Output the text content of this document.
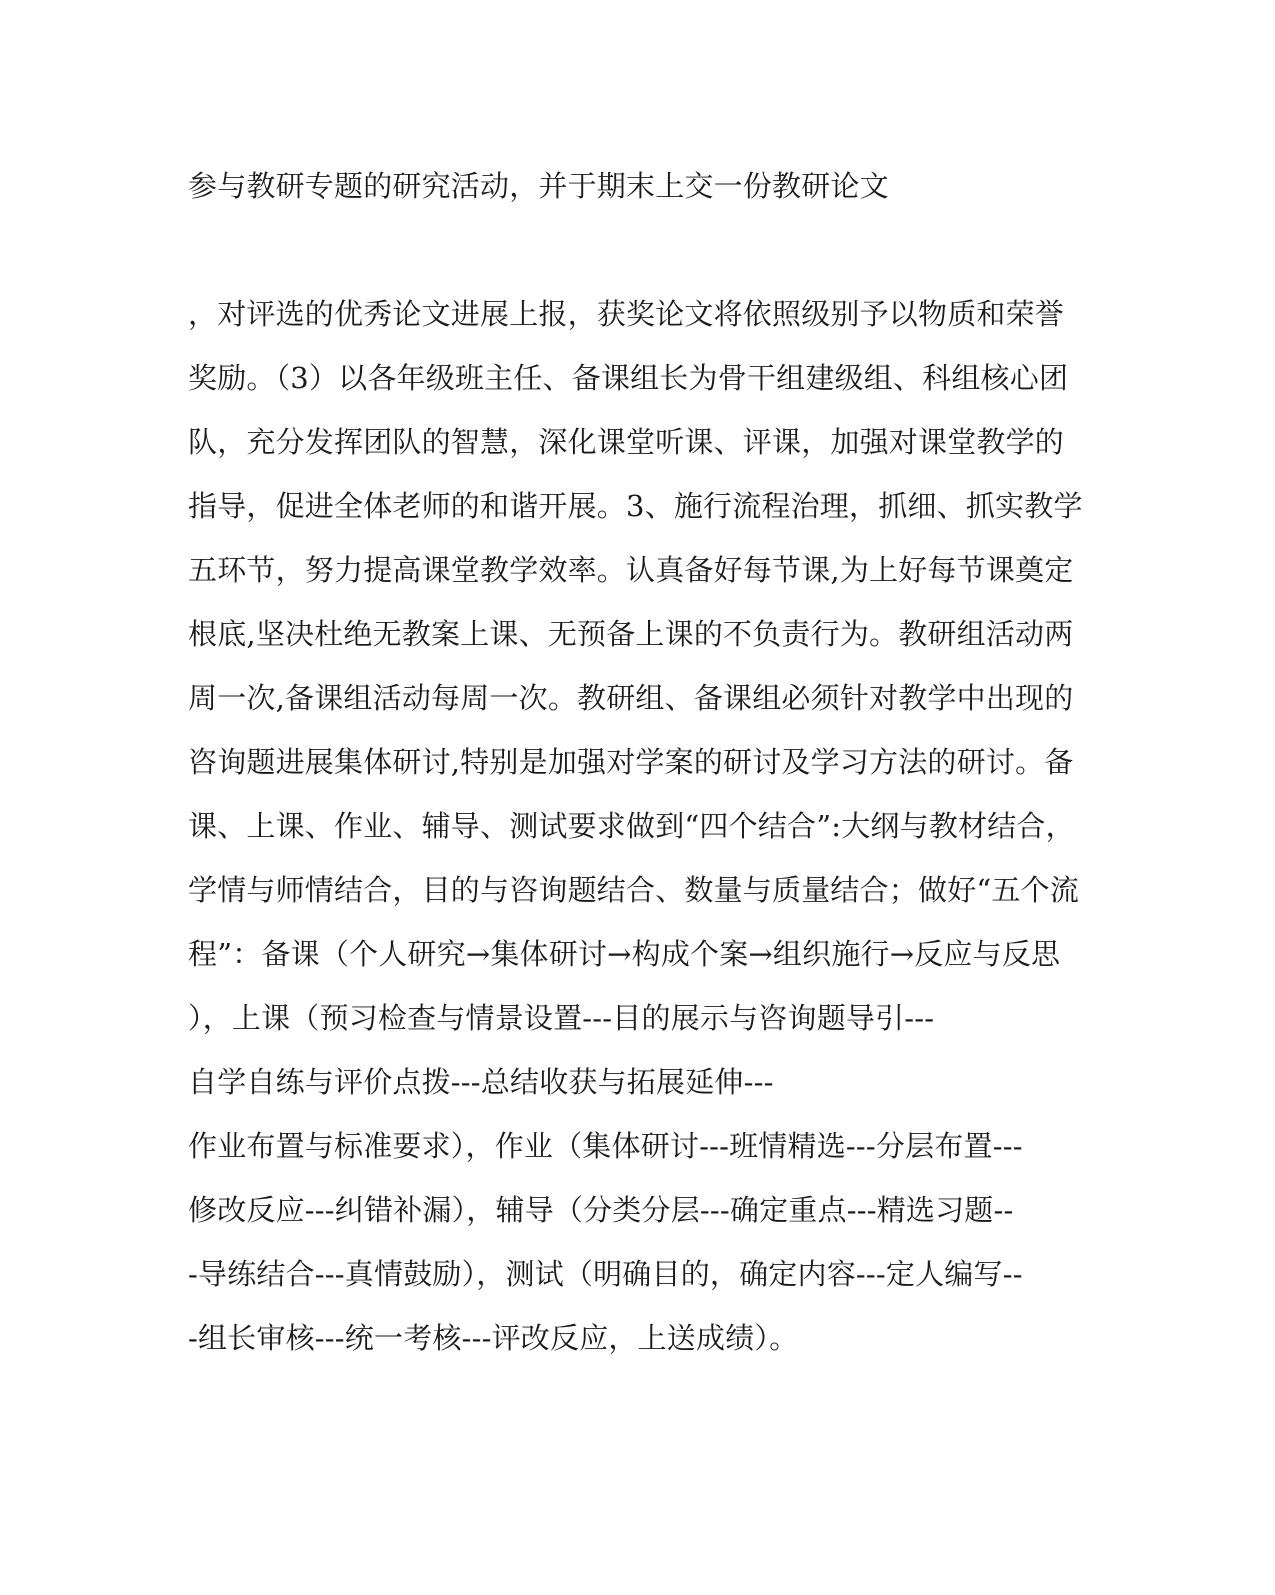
参与教研专题的研究活动，并于期末上交一份教研论文
，对评选的优秀论文进展上报，获奖论文将依照级别予以物质和荣誉
奖励。（3）以各年级班主任、备课组长为骨干组建级组、科组核心团
队，充分发挥团队的智慧，深化课堂听课、评课，加强对课堂教学的
指导，促进全体老师的和谐开展。3、施行流程治理，抓细、抓实教学
五环节，努力提高课堂教学效率。认真备好每节课,为上好每节课奠定
根底,坚决杜绝无教案上课、无预备上课的不负责行为。教研组活动两
周一次,备课组活动每周一次。教研组、备课组必须针对教学中出现的
咨询题进展集体研讨,特别是加强对学案的研讨及学习方法的研讨。备
课、上课、作业、辅导、测试要求做到“四个结合”:大纲与教材结合，
学情与师情结合，目的与咨询题结合、数量与质量结合；做好“五个流
程”：备课（个人研究→集体研讨→构成个案→组织施行→反应与反思
），上课（预习检查与情景设置---目的展示与咨询题导引---
自学自练与评价点拨---总结收获与拓展延伸---
作业布置与标准要求），作业（集体研讨---班情精选---分层布置---
修改反应---纠错补漏），辅导（分类分层---确定重点---精选习题--
-导练结合---真情鼓励），测试（明确目的，确定内容---定人编写--
-组长审核---统一考核---评改反应，上送成绩）。
